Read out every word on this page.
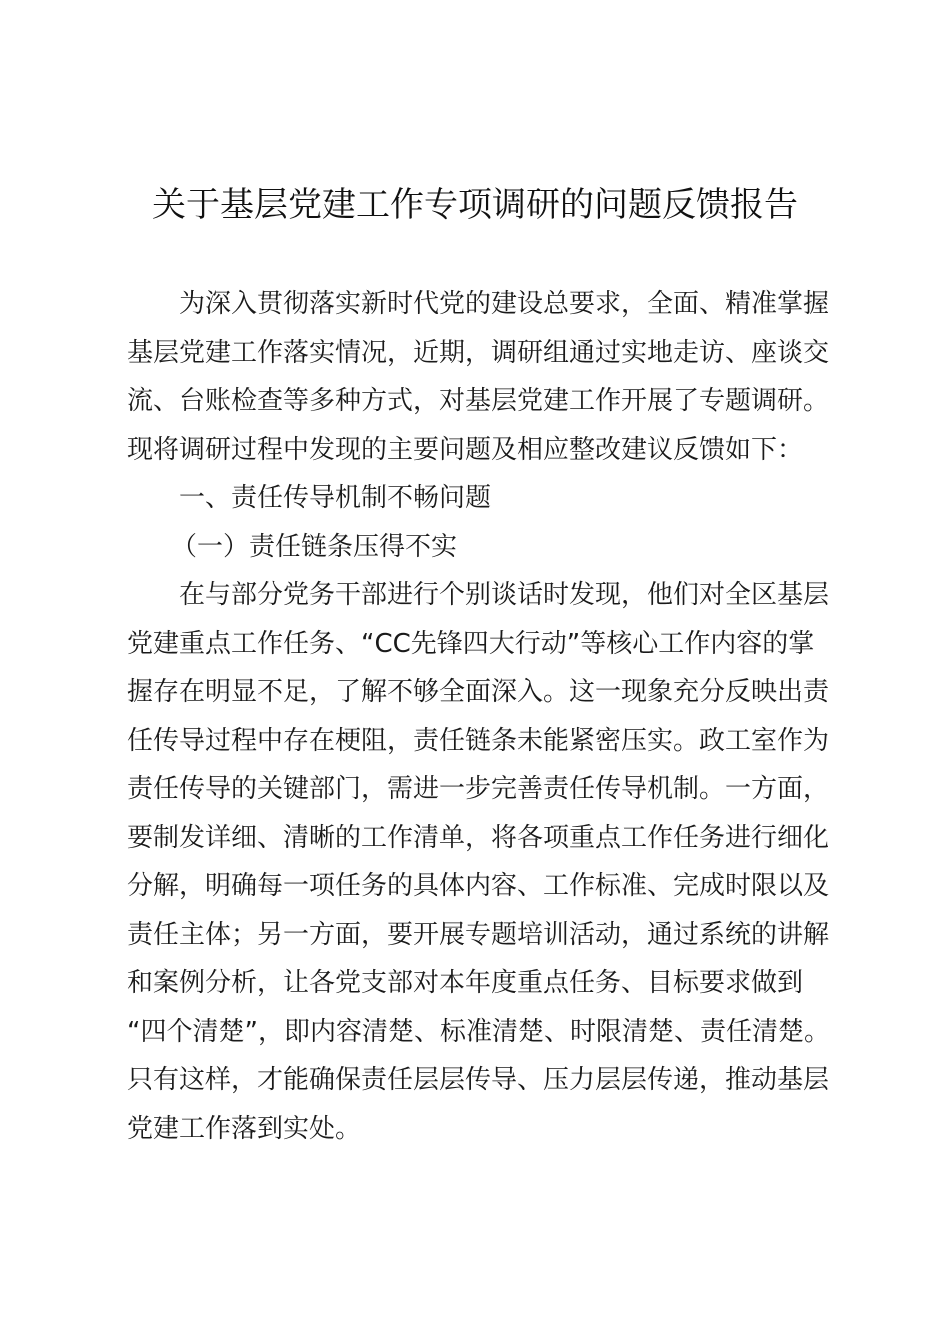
关于基层党建工作专项调研的问题反馈报告
为深入贯彻落实新时代党的建设总要求，全面、精准掌握
基层党建工作落实情况，近期，调研组通过实地走访、座谈交
流、台账检查等多种方式，对基层党建工作开展了专题调研。
现将调研过程中发现的主要问题及相应整改建议反馈如下：
一、责任传导机制不畅问题
（一）责任链条压得不实
在与部分党务干部进行个别谈话时发现，他们对全区基层
党建重点工作任务、“CC先锋四大行动”等核心工作内容的掌
握存在明显不足，了解不够全面深入。这一现象充分反映出责
任传导过程中存在梗阻，责任链条未能紧密压实。政工室作为
责任传导的关键部门，需进一步完善责任传导机制。一方面，
要制发详细、清晰的工作清单，将各项重点工作任务进行细化
分解，明确每一项任务的具体内容、工作标准、完成时限以及
责任主体；另一方面，要开展专题培训活动，通过系统的讲解
和案例分析，让各党支部对本年度重点任务、目标要求做到
“四个清楚”，即内容清楚、标准清楚、时限清楚、责任清楚。
只有这样，才能确保责任层层传导、压力层层传递，推动基层
党建工作落到实处。
